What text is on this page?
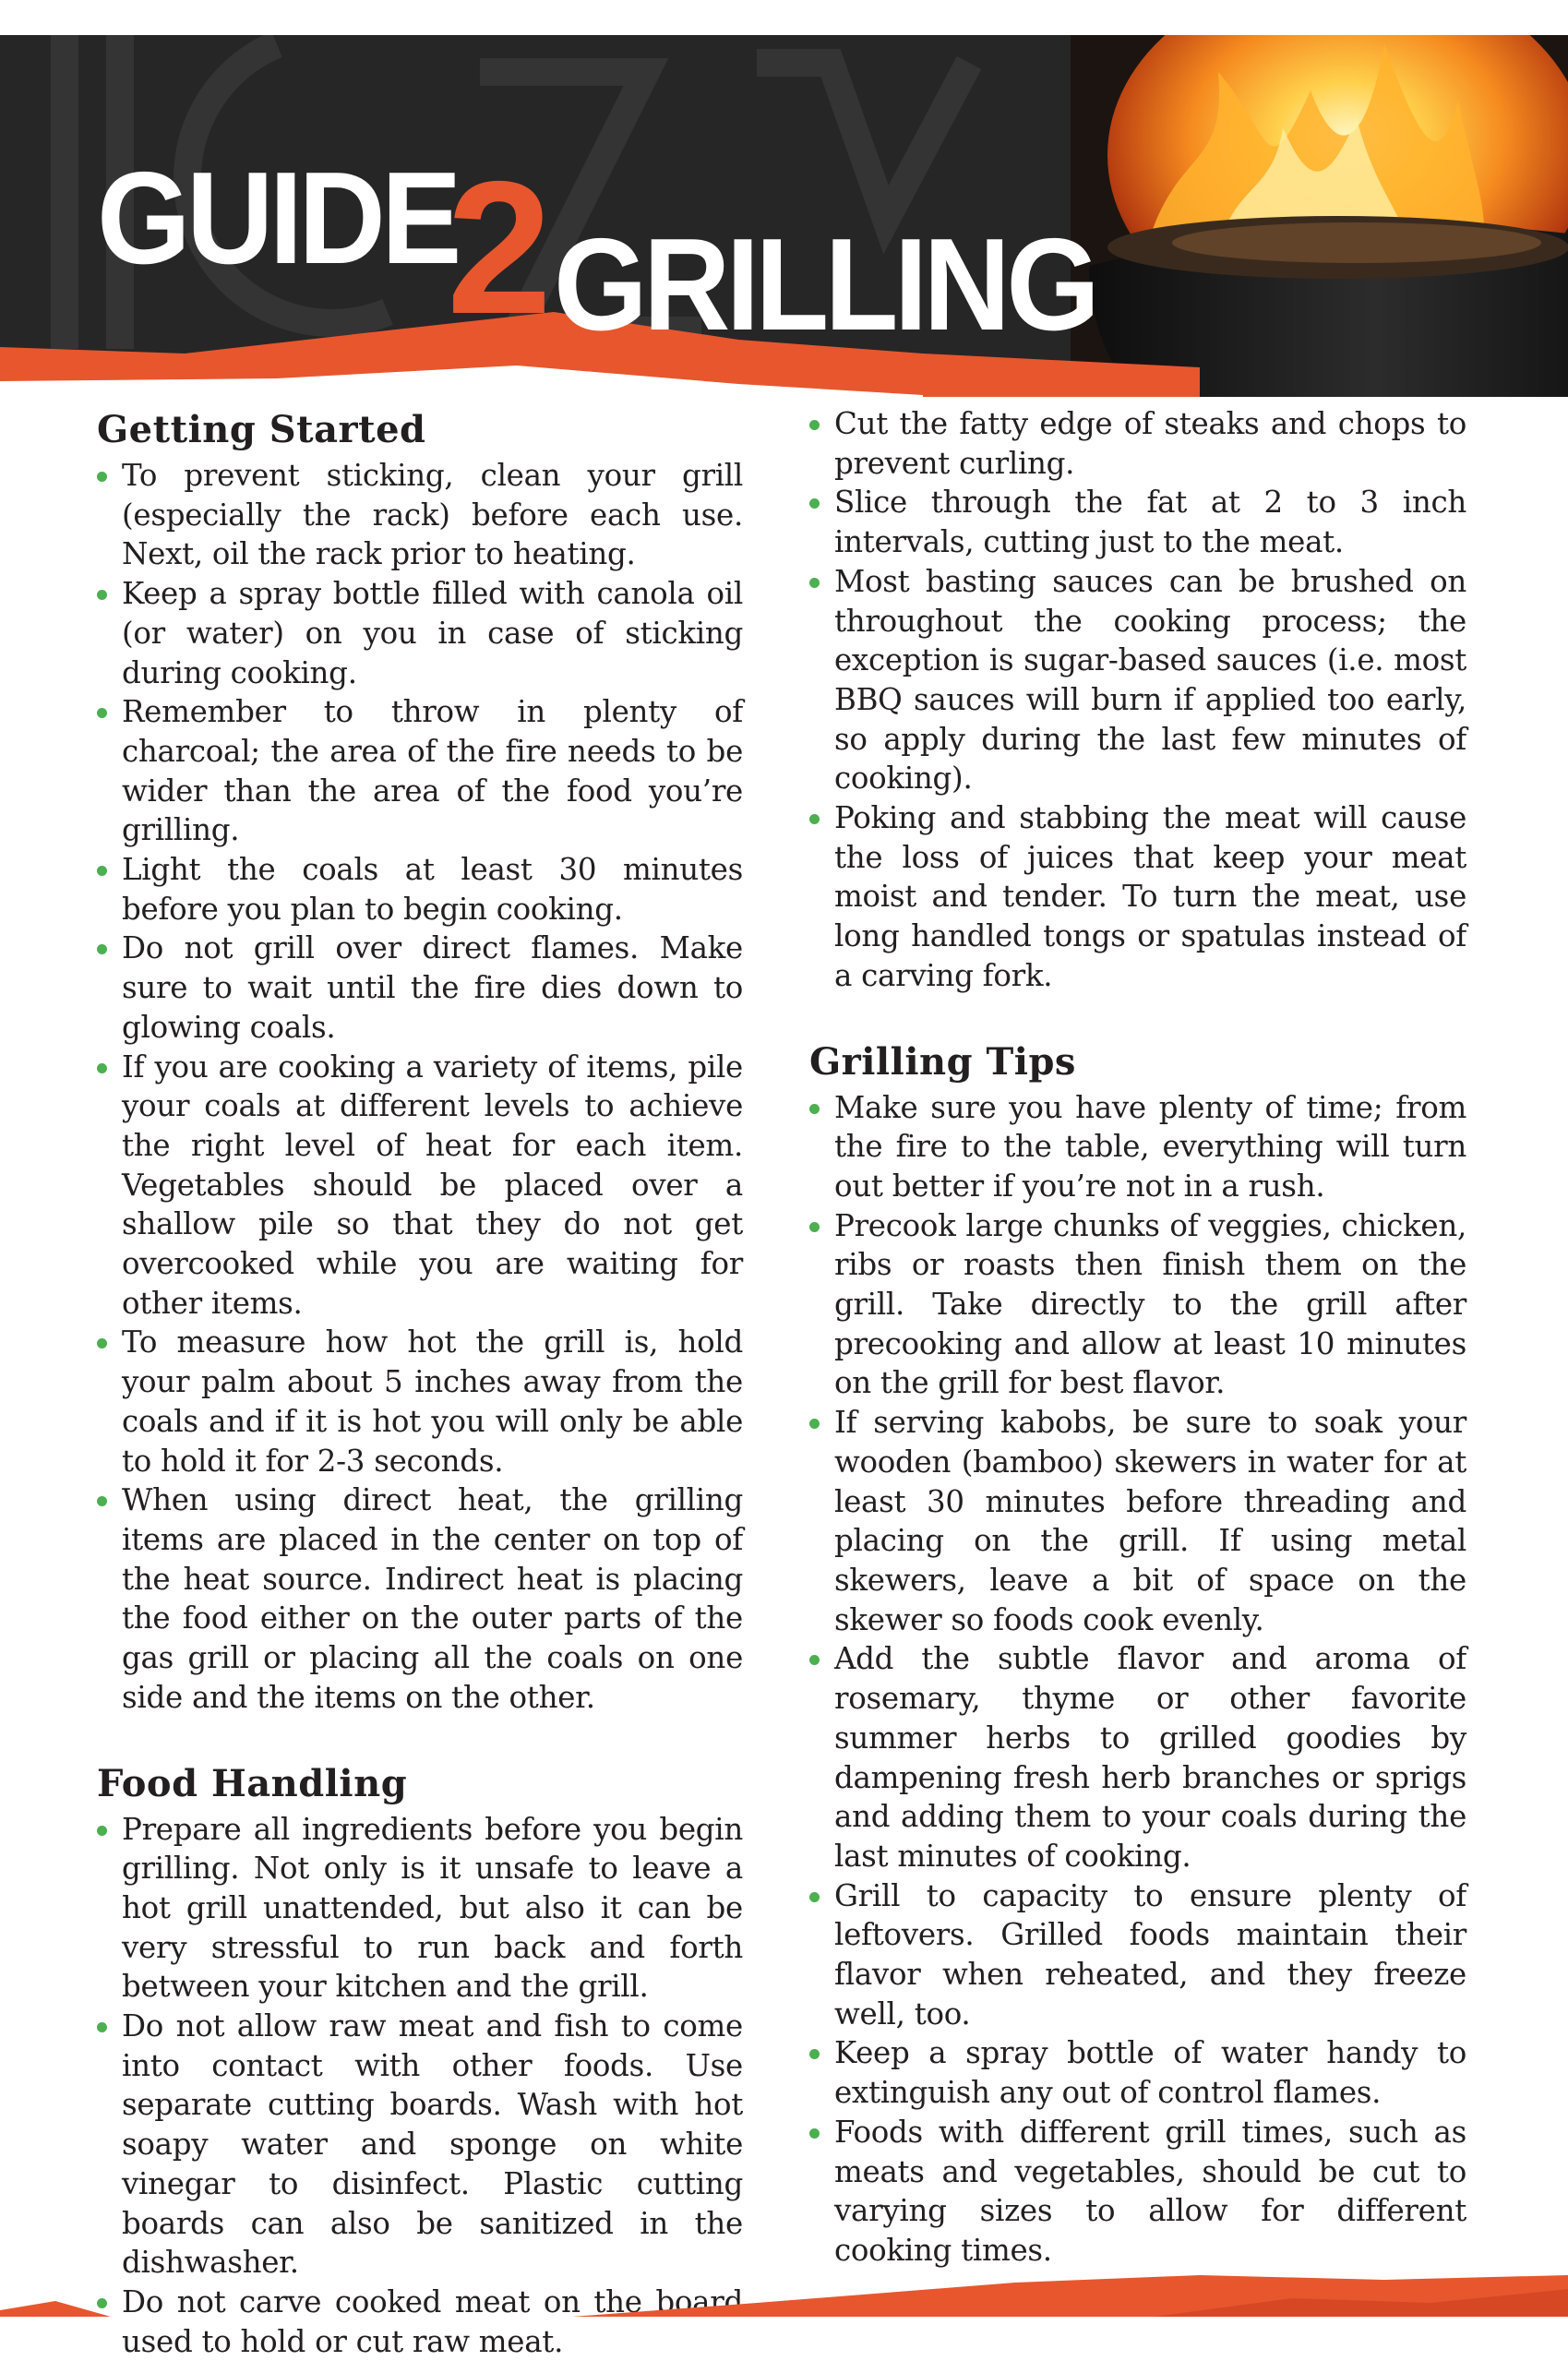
GUIDE
2 GRILLING
Getting Started
To prevent sticking, clean your grill (especially the rack) before each use. Next, oil the rack prior to heating.
Keep a spray bottle filled with canola oil (or water) on you in case of sticking during cooking.
Remember to throw in plenty of charcoal; the area of the fire needs to be wider than the area of the food you’re grilling.
Light the coals at least 30 minutes before you plan to begin cooking.
Do not grill over direct flames. Make sure to wait until the fire dies down to glowing coals.
If you are cooking a variety of items, pile your coals at different levels to achieve the right level of heat for each item. Vegetables should be placed over a shallow pile so that they do not get overcooked while you are waiting for other items.
To measure how hot the grill is, hold your palm about 5 inches away from the coals and if it is hot you will only be able to hold it for 2-3 seconds.
When using direct heat, the grilling items are placed in the center on top of the heat source. Indirect heat is placing the food either on the outer parts of the gas grill or placing all the coals on one side and the items on the other.
Food Handling
Prepare all ingredients before you begin grilling. Not only is it unsafe to leave a hot grill unattended, but also it can be very stressful to run back and forth between your kitchen and the grill.
Do not allow raw meat and fish to come into contact with other foods. Use separate cutting boards. Wash with hot soapy water and sponge on white vinegar to disinfect. Plastic cutting boards can also be sanitized in the dishwasher.
Do not carve cooked meat on the board used to hold or cut raw meat.
Cut the fatty edge of steaks and chops to prevent curling.
Slice through the fat at 2 to 3 inch intervals, cutting just to the meat.
Most basting sauces can be brushed on throughout the cooking process; the exception is sugar-based sauces (i.e. most BBQ sauces will burn if applied too early, so apply during the last few minutes of cooking).
Poking and stabbing the meat will cause the loss of juices that keep your meat moist and tender. To turn the meat, use long handled tongs or spatulas instead of a carving fork.
Grilling Tips
Make sure you have plenty of time; from the fire to the table, everything will turn out better if you’re not in a rush.
Precook large chunks of veggies, chicken, ribs or roasts then finish them on the grill. Take directly to the grill after precooking and allow at least 10 minutes on the grill for best flavor.
If serving kabobs, be sure to soak your wooden (bamboo) skewers in water for at least 30 minutes before threading and placing on the grill. If using metal skewers, leave a bit of space on the skewer so foods cook evenly.
Add the subtle flavor and aroma of rosemary, thyme or other favorite summer herbs to grilled goodies by dampening fresh herb branches or sprigs and adding them to your coals during the last minutes of cooking.
Grill to capacity to ensure plenty of leftovers. Grilled foods maintain their flavor when reheated, and they freeze well, too.
Keep a spray bottle of water handy to extinguish any out of control flames.
Foods with different grill times, such as meats and vegetables, should be cut to varying sizes to allow for different cooking times.
